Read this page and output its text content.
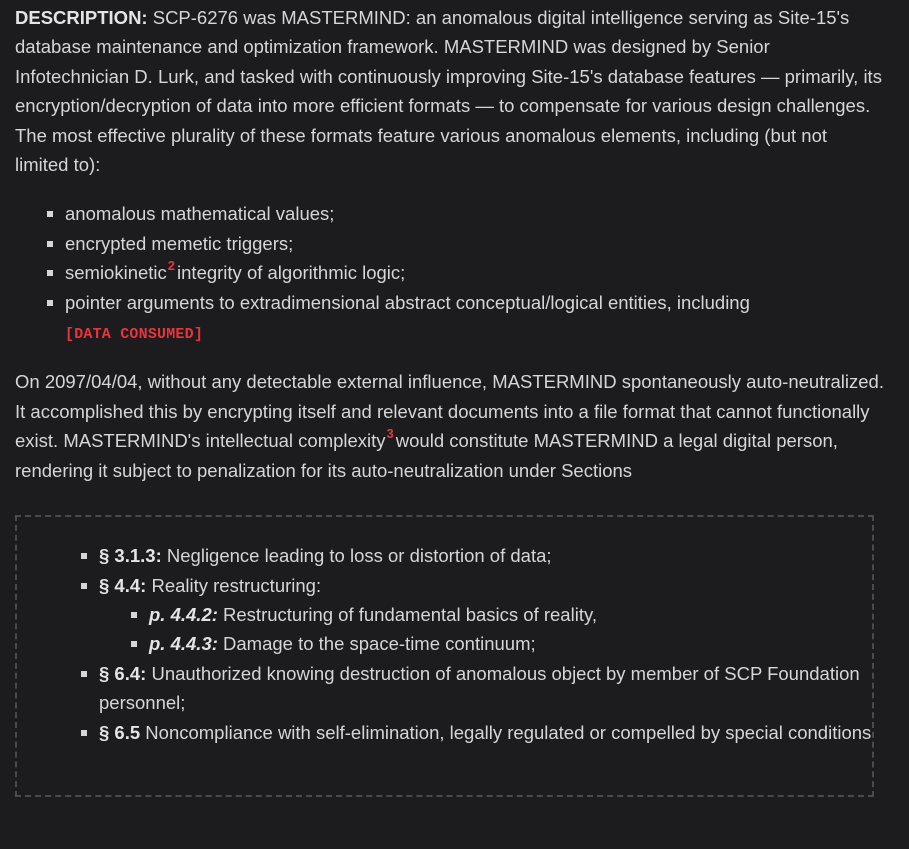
DESCRIPTION: SCP-6276 was MASTERMIND: an anomalous digital intelligence serving as Site-15's database maintenance and optimization framework. MASTERMIND was designed by Senior Infotechnician D. Lurk, and tasked with continuously improving Site-15's database features — primarily, its encryption/decryption of data into more efficient formats — to compensate for various design challenges. The most effective plurality of these formats feature various anomalous elements, including (but not limited to):

anomalous mathematical values;
encrypted memetic triggers;
semiokinetic$^2$ integrity of algorithmic logic;
pointer arguments to extradimensional abstract conceptual/logical entities, including
[DATA CONSUMED]

On 2097/04/04, without any detectable external influence, MASTERMIND spontaneously auto-neutralized. It accomplished this by encrypting itself and relevant documents into a file format that cannot functionally exist. MASTERMIND's intellectual complexity$^3$ would constitute MASTERMIND a legal digital person, rendering it subject to penalization for its auto-neutralization under Sections

§ 3.1.3: Negligence leading to loss or distortion of data;
§ 4.4: Reality restructuring:
p. 4.4.2: Restructuring of fundamental basics of reality,
p. 4.4.3: Damage to the space-time continuum;
§ 6.4: Unauthorized knowing destruction of anomalous object by member of SCP Foundation personnel;
§ 6.5 Noncompliance with self-elimination, legally regulated or compelled by special conditions
